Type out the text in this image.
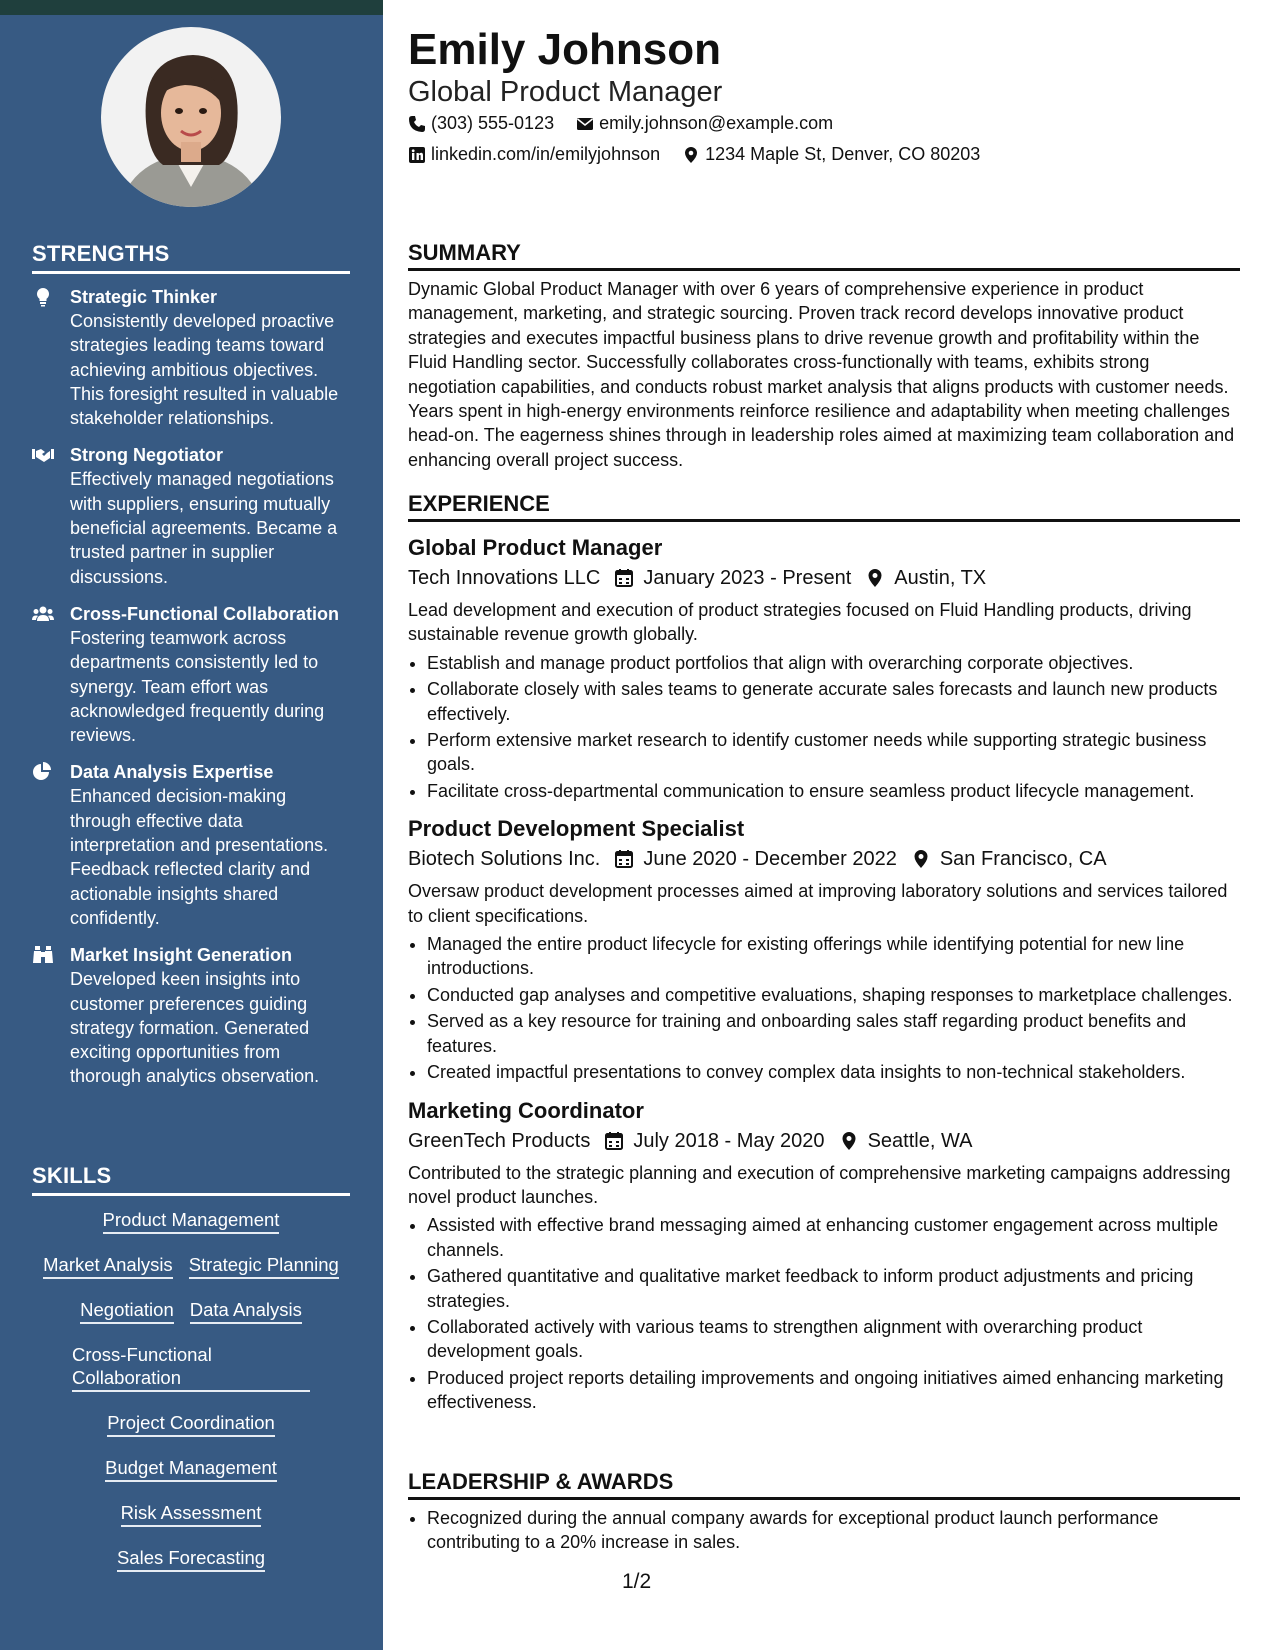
STRENGTHS
Strategic Thinker
Consistently developed proactive strategies leading teams toward achieving ambitious objectives. This foresight resulted in valuable stakeholder relationships.
Strong Negotiator
Effectively managed negotiations with suppliers, ensuring mutually beneficial agreements. Became a trusted partner in supplier discussions.
Cross-Functional Collaboration
Fostering teamwork across departments consistently led to synergy. Team effort was acknowledged frequently during reviews.
Data Analysis Expertise
Enhanced decision-making through effective data interpretation and presentations. Feedback reflected clarity and actionable insights shared confidently.
Market Insight Generation
Developed keen insights into customer preferences guiding strategy formation. Generated exciting opportunities from thorough analytics observation.
SKILLS
Product Management
Market Analysis Strategic Planning
Negotiation Data Analysis
Cross-Functional Collaboration
Project Coordination
Budget Management
Risk Assessment
Sales Forecasting
Emily Johnson
Global Product Manager
(303) 555-0123	emily.johnson@example.com
linkedin.com/in/emilyjohnson	1234 Maple St, Denver, CO 80203
SUMMARY
Dynamic Global Product Manager with over 6 years of comprehensive experience in product management, marketing, and strategic sourcing. Proven track record develops innovative product strategies and executes impactful business plans to drive revenue growth and profitability within the Fluid Handling sector. Successfully collaborates cross-functionally with teams, exhibits strong negotiation capabilities, and conducts robust market analysis that aligns products with customer needs. Years spent in high-energy environments reinforce resilience and adaptability when meeting challenges head-on. The eagerness shines through in leadership roles aimed at maximizing team collaboration and enhancing overall project success.
EXPERIENCE
Global Product Manager
Tech Innovations LLC January 2023 - Present Austin, TX
Lead development and execution of product strategies focused on Fluid Handling products, driving sustainable revenue growth globally.
• Establish and manage product portfolios that align with overarching corporate objectives.
• Collaborate closely with sales teams to generate accurate sales forecasts and launch new products effectively.
• Perform extensive market research to identify customer needs while supporting strategic business goals.
• Facilitate cross-departmental communication to ensure seamless product lifecycle management.
Product Development Specialist
Biotech Solutions Inc. June 2020 - December 2022 San Francisco, CA
Oversaw product development processes aimed at improving laboratory solutions and services tailored to client specifications.
• Managed the entire product lifecycle for existing offerings while identifying potential for new line introductions.
• Conducted gap analyses and competitive evaluations, shaping responses to marketplace challenges.
• Served as a key resource for training and onboarding sales staff regarding product benefits and features.
• Created impactful presentations to convey complex data insights to non-technical stakeholders.
Marketing Coordinator
GreenTech Products July 2018 - May 2020 Seattle, WA
Contributed to the strategic planning and execution of comprehensive marketing campaigns addressing novel product launches.
• Assisted with effective brand messaging aimed at enhancing customer engagement across multiple channels.
• Gathered quantitative and qualitative market feedback to inform product adjustments and pricing strategies.
• Collaborated actively with various teams to strengthen alignment with overarching product development goals.
• Produced project reports detailing improvements and ongoing initiatives aimed enhancing marketing effectiveness.
LEADERSHIP & AWARDS
• Recognized during the annual company awards for exceptional product launch performance contributing to a 20% increase in sales.
1/2
